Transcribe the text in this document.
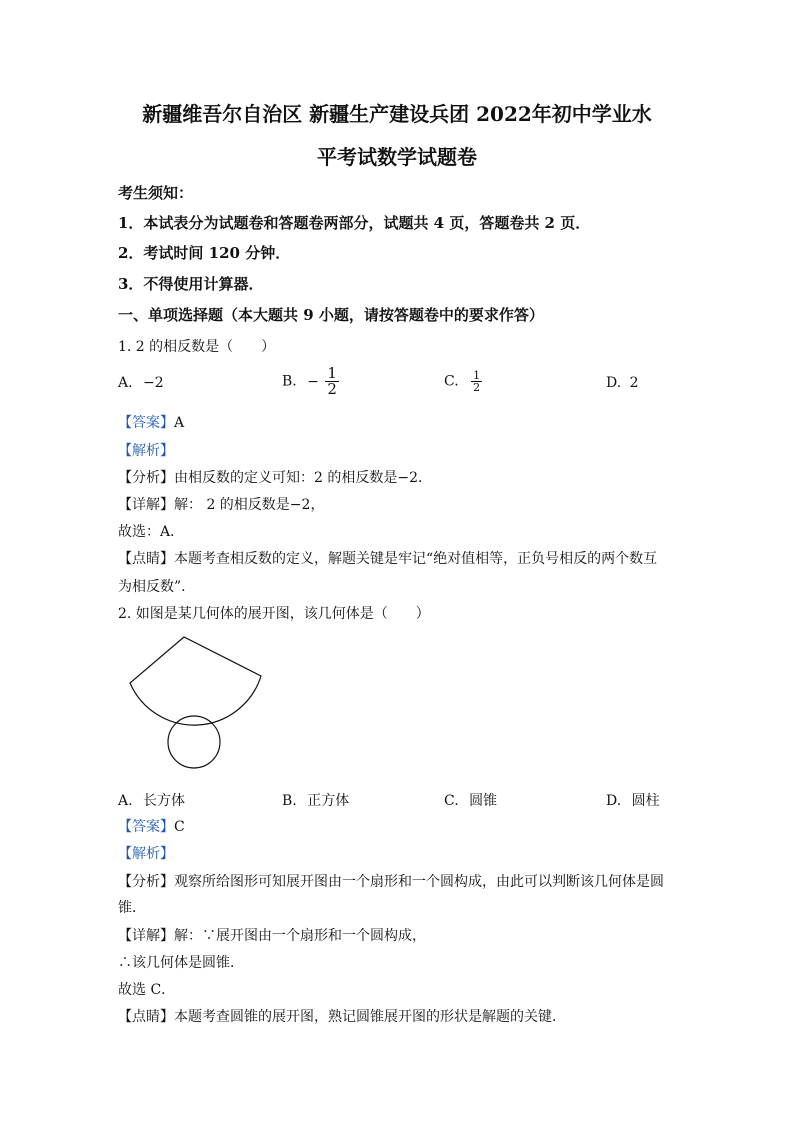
新疆维吾尔自治区 新疆生产建设兵团 2022年初中学业水
平考试数学试题卷
考生须知：
1．本试表分为试题卷和答题卷两部分，试题共 4 页，答题卷共 2 页．
2．考试时间 120 分钟．
3．不得使用计算器．
一、单项选择题（本大题共 9 小题，请按答题卷中的要求作答）
1. 2 的相反数是（　　）
A. −2	B. − $\frac{1}{2}$	C. $\frac{1}{2}$	D. 2
【答案】A
【解析】
【分析】由相反数的定义可知：2 的相反数是−2．
【详解】解： 2 的相反数是−2，
故选：A．
【点睛】本题考查相反数的定义，解题关键是牢记“绝对值相等，正负号相反的两个数互
为相反数”．
2. 如图是某几何体的展开图，该几何体是（　　）
A. 长方体	B. 正方体	C. 圆锥	D. 圆柱
【答案】C
【解析】
【分析】观察所给图形可知展开图由一个扇形和一个圆构成，由此可以判断该几何体是圆
锥．
【详解】解：∵展开图由一个扇形和一个圆构成，
∴该几何体是圆锥．
故选 C．
【点睛】本题考查圆锥的展开图，熟记圆锥展开图的形状是解题的关键．
